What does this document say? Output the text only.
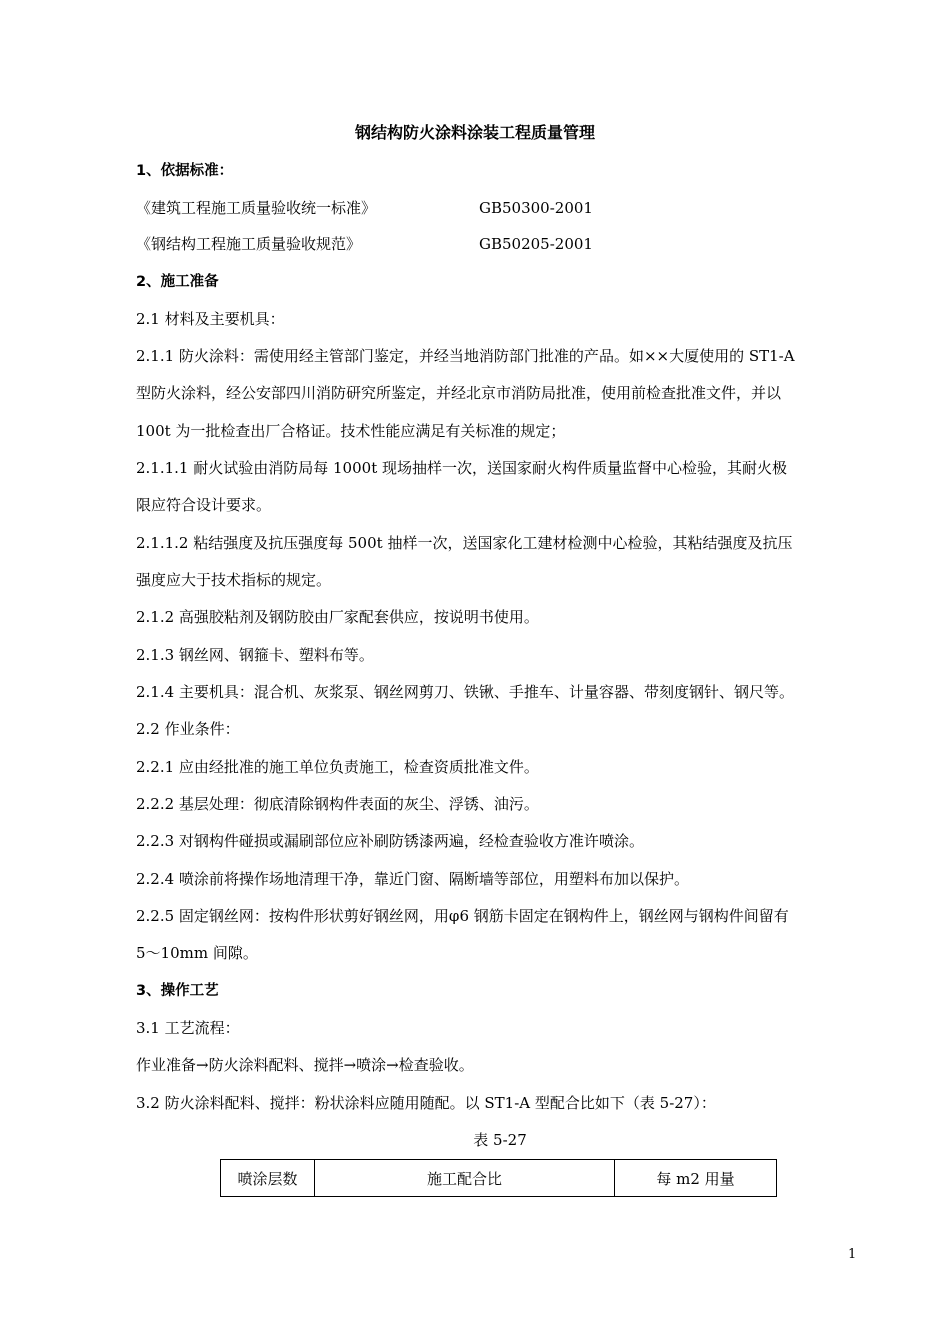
钢结构防火涂料涂装工程质量管理
1、依据标准：
《建筑工程施工质量验收统一标准》	GB50300-2001
《钢结构工程施工质量验收规范》	GB50205-2001
2、施工准备
2.1 材料及主要机具：
2.1.1 防火涂料：需使用经主管部门鉴定，并经当地消防部门批准的产品。如××大厦使用的 ST1-A
型防火涂料，经公安部四川消防研究所鉴定，并经北京市消防局批准，使用前检查批准文件，并以
100t 为一批检查出厂合格证。技术性能应满足有关标准的规定；
2.1.1.1 耐火试验由消防局每 1000t 现场抽样一次，送国家耐火构件质量监督中心检验，其耐火极
限应符合设计要求。
2.1.1.2 粘结强度及抗压强度每 500t 抽样一次，送国家化工建材检测中心检验，其粘结强度及抗压
强度应大于技术指标的规定。
2.1.2 高强胶粘剂及钢防胶由厂家配套供应，按说明书使用。
2.1.3 钢丝网、钢箍卡、塑料布等。
2.1.4 主要机具：混合机、灰浆泵、钢丝网剪刀、铁锹、手推车、计量容器、带刻度钢针、钢尺等。
2.2 作业条件：
2.2.1 应由经批准的施工单位负责施工，检查资质批准文件。
2.2.2 基层处理：彻底清除钢构件表面的灰尘、浮锈、油污。
2.2.3 对钢构件碰损或漏刷部位应补刷防锈漆两遍，经检查验收方准许喷涂。
2.2.4 喷涂前将操作场地清理干净，靠近门窗、隔断墙等部位，用塑料布加以保护。
2.2.5 固定钢丝网：按构件形状剪好钢丝网，用φ6 钢筋卡固定在钢构件上，钢丝网与钢构件间留有
5～10mm 间隙。
3、操作工艺
3.1 工艺流程：
作业准备→防火涂料配料、搅拌→喷涂→检查验收。
3.2 防火涂料配料、搅拌：粉状涂料应随用随配。以 ST1-A 型配合比如下（表 5-27）：
表 5-27
喷涂层数	施工配合比	每 m2 用量
1
